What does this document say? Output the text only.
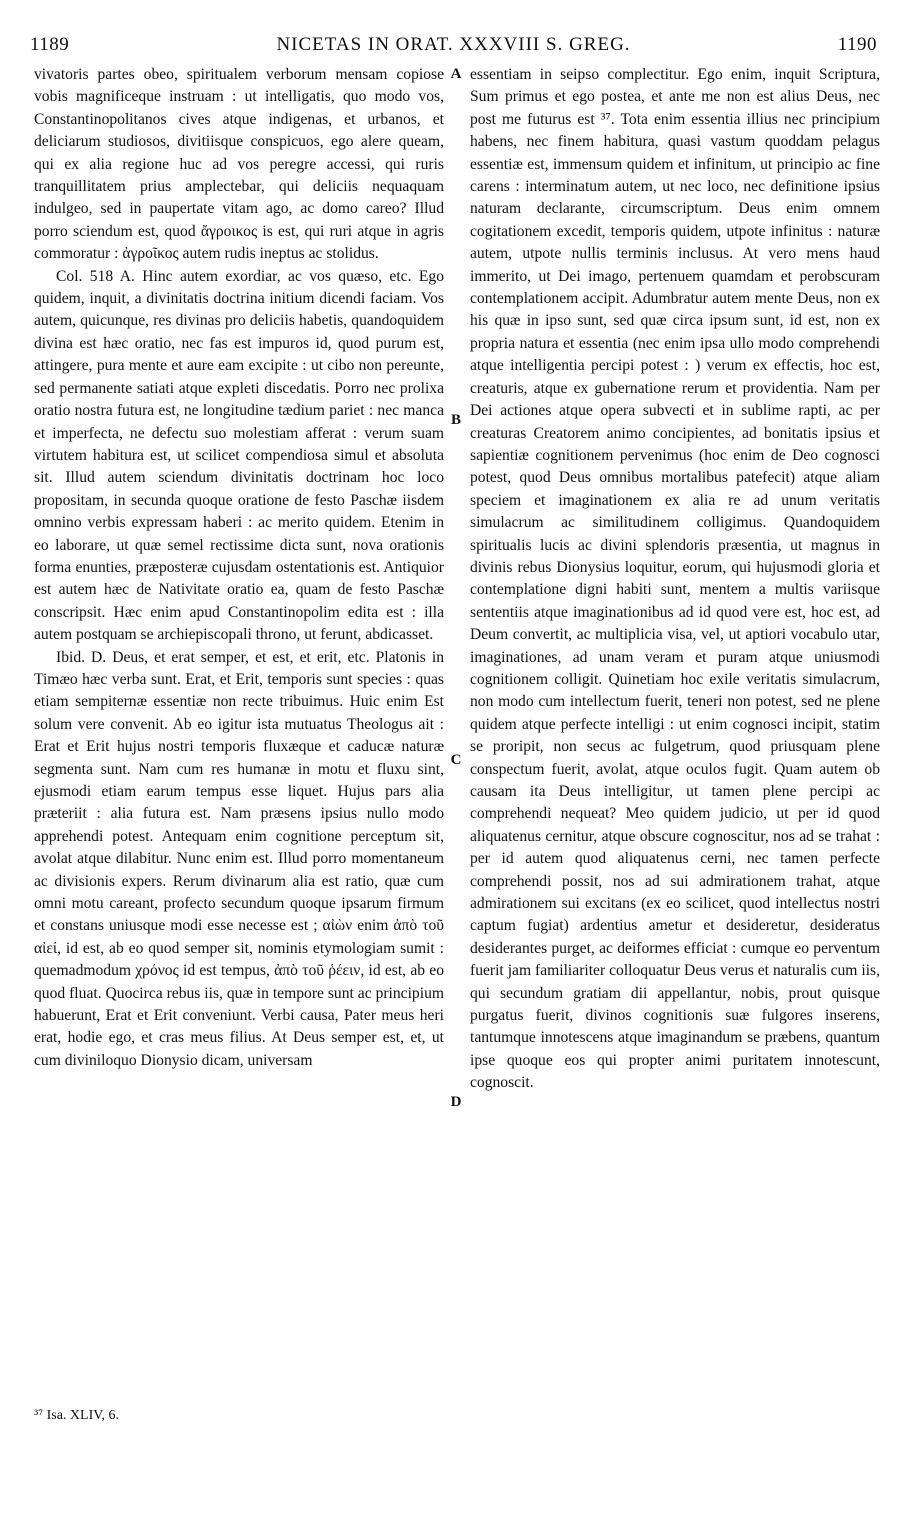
1189	NICETAS IN ORAT. XXXVIII S. GREG.	1190

vivatoris partes obeo, spiritualem verborum mensam copiose vobis magnificeque instruam : ut intelligatis, quo modo vos, Constantinopolitanos cives atque indigenas, et urbanos, et deliciarum studiosos, divitiisque conspicuos, ego alere queam, qui ex alia regione huc ad vos peregre accessi, qui ruris tranquillitatem prius amplectebar, qui deliciis nequaquam indulgeo, sed in paupertate vitam ago, ac domo careo? Illud porro sciendum est, quod ἄγροικος is est, qui ruri atque in agris commoratur : ἀγροῖκος autem rudis ineptus ac stolidus.

Col. 518 A. Hinc autem exordiar, ac vos quæso, etc. Ego quidem, inquit, a divinitatis doctrina initium dicendi faciam. Vos autem, quicunque, res divinas pro deliciis habetis, quandoquidem divina est hæc oratio, nec fas est impuros id, quod purum est, attingere, pura mente et aure eam excipite : ut cibo non pereunte, sed permanente satiati atque expleti discedatis. Porro nec prolixa oratio nostra futura est, ne longitudine tædium pariet : nec manca et imperfecta, ne defectu suo molestiam afferat : verum suam virtutem habitura est, ut scilicet compendiosa simul et absoluta sit. Illud autem sciendum divinitatis doctrinam hoc loco propositam, in secunda quoque oratione de festo Paschæ iisdem omnino verbis expressam haberi : ac merito quidem. Etenim in eo laborare, ut quæ semel rectissime dicta sunt, nova orationis forma enunties, præposteræ cujusdam ostentationis est. Antiquior est autem hæc de Nativitate oratio ea, quam de festo Paschæ conscripsit. Hæc enim apud Constantinopolim edita est : illa autem postquam se archiepiscopali throno, ut ferunt, abdicasset.

Ibid. D. Deus, et erat semper, et est, et erit, etc. Platonis in Timæo hæc verba sunt. Erat, et Erit, temporis sunt species : quas etiam sempiternæ essentiæ non recte tribuimus. Huic enim Est solum vere convenit. Ab eo igitur ista mutuatus Theologus ait : Erat et Erit hujus nostri temporis fluxæque et caducæ naturæ segmenta sunt. Nam cum res humanæ in motu et fluxu sint, ejusmodi etiam earum tempus esse liquet. Hujus pars alia præteriit : alia futura est. Nam præsens ipsius nullo modo apprehendi potest. Antequam enim cognitione perceptum sit, avolat atque dilabitur. Nunc enim est. Illud porro momentaneum ac divisionis expers. Rerum divinarum alia est ratio, quæ cum omni motu careant, profecto secundum quoque ipsarum firmum et constans uniusque modi esse necesse est ; αἰὼν enim ἀπὸ τοῦ αἰεί, id est, ab eo quod semper sit, nominis etymologiam sumit : quemadmodum χρόνος id est tempus, ἀπὸ τοῦ ῥέειν, id est, ab eo quod fluat. Quocirca rebus iis, quæ in tempore sunt ac principium habuerunt, Erat et Erit conveniunt. Verbi causa, Pater meus heri erat, hodie ego, et cras meus filius. At Deus semper est, et, ut cum diviniloquo Dionysio dicam, universam

A
B
C
D

essentiam in seipso complectitur. Ego enim, inquit Scriptura, Sum primus et ego postea, et ante me non est alius Deus, nec post me futurus est ³⁷. Tota enim essentia illius nec principium habens, nec finem habitura, quasi vastum quoddam pelagus essentiæ est, immensum quidem et infinitum, ut principio ac fine carens : interminatum autem, ut nec loco, nec definitione ipsius naturam declarante, circumscriptum. Deus enim omnem cogitationem excedit, temporis quidem, utpote infinitus : naturæ autem, utpote nullis terminis inclusus. At vero mens haud immerito, ut Dei imago, pertenuem quamdam et perobscuram contemplationem accipit. Adumbratur autem mente Deus, non ex his quæ in ipso sunt, sed quæ circa ipsum sunt, id est, non ex propria natura et essentia (nec enim ipsa ullo modo comprehendi atque intelligentia percipi potest : ) verum ex effectis, hoc est, creaturis, atque ex gubernatione rerum et providentia. Nam per Dei actiones atque opera subvecti et in sublime rapti, ac per creaturas Creatorem animo concipientes, ad bonitatis ipsius et sapientiæ cognitionem pervenimus (hoc enim de Deo cognosci potest, quod Deus omnibus mortalibus patefecit) atque aliam speciem et imaginationem ex alia re ad unum veritatis simulacrum ac similitudinem colligimus. Quandoquidem spiritualis lucis ac divini splendoris præsentia, ut magnus in divinis rebus Dionysius loquitur, eorum, qui hujusmodi gloria et contemplatione digni habiti sunt, mentem a multis variisque sententiis atque imaginationibus ad id quod vere est, hoc est, ad Deum convertit, ac multiplicia visa, vel, ut aptiori vocabulo utar, imaginationes, ad unam veram et puram atque uniusmodi cognitionem colligit. Quinetiam hoc exile veritatis simulacrum, non modo cum intellectum fuerit, teneri non potest, sed ne plene quidem atque perfecte intelligi : ut enim cognosci incipit, statim se proripit, non secus ac fulgetrum, quod priusquam plene conspectum fuerit, avolat, atque oculos fugit. Quam autem ob causam ita Deus intelligitur, ut tamen plene percipi ac comprehendi nequeat? Meo quidem judicio, ut per id quod aliquatenus cernitur, atque obscure cognoscitur, nos ad se trahat : per id autem quod aliquatenus cerni, nec tamen perfecte comprehendi possit, nos ad sui admirationem trahat, atque admirationem sui excitans (ex eo scilicet, quod intellectus nostri captum fugiat) ardentius ametur et desideretur, desideratus desiderantes purget, ac deiformes efficiat : cumque eo perventum fuerit jam familiariter colloquatur Deus verus et naturalis cum iis, qui secundum gratiam dii appellantur, nobis, prout quisque purgatus fuerit, divinos cognitionis suæ fulgores inserens, tantumque innotescens atque imaginandum se præbens, quantum ipse quoque eos qui propter animi puritatem innotescunt, cognoscit.

³⁷ Isa. XLIV, 6.
